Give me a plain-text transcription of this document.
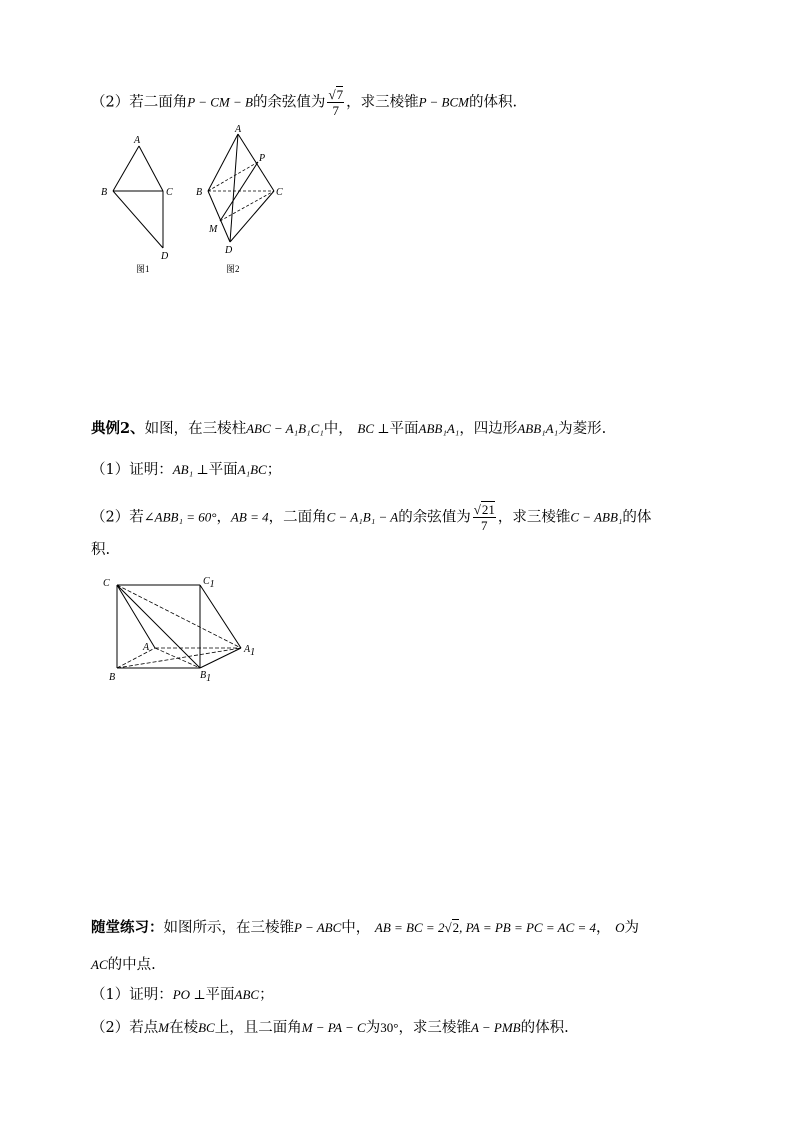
（2）若二面角P − CM − B的余弦值为 $\frac{√7}{7}$ ，求三棱锥P − BCM的体积.
A
B	C
D
图1
A
P
B	C
M
D
图2
典例2、如图，在三棱柱ABC − A₁B₁C₁中， BC ⊥平面ABB₁A₁，四边形ABB₁A₁为菱形.
（1）证明：AB₁ ⊥平面A₁BC；
（2）若∠ABB₁ = 60°，AB = 4，二面角C − A₁B₁ − A的余弦值为 $\frac{√21}{7}$ ，求三棱锥C − ABB₁的体
积.
C	C1
A	A1
B	B1
随堂练习：如图所示，在三棱锥P − ABC中， AB = BC = 2√2, PA = PB = PC = AC = 4， O为
AC的中点.
（1）证明：PO ⊥平面ABC；
（2）若点M在棱BC上，且二面角M − PA − C为30°，求三棱锥A − PMB的体积.
